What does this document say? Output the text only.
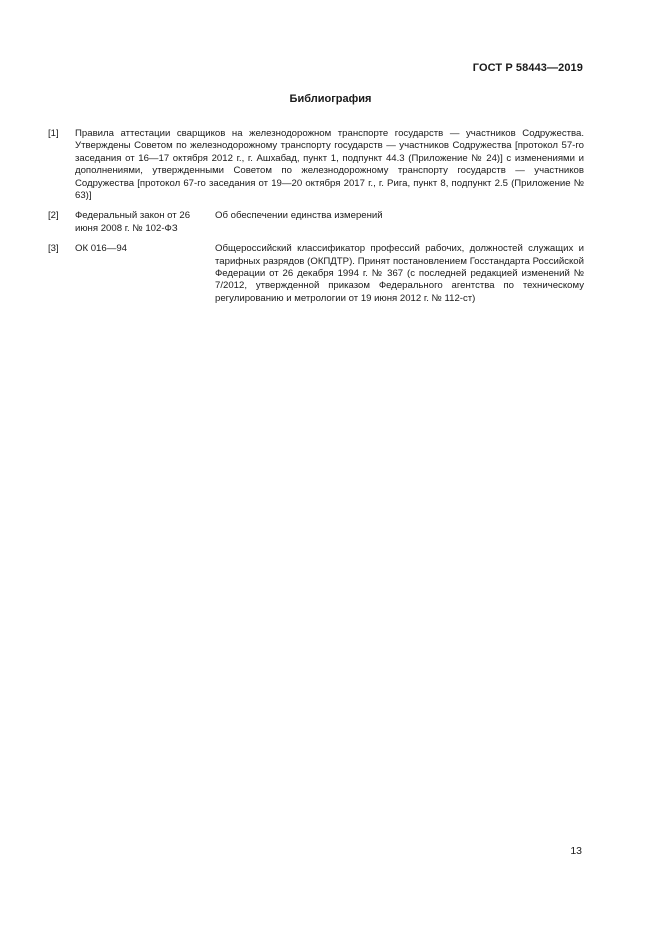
ГОСТ Р 58443—2019
Библиография
[1] Правила аттестации сварщиков на железнодорожном транспорте государств — участников Содружества. Утверждены Советом по железнодорожному транспорту государств — участников Содружества [протокол 57-го заседания от 16—17 октября 2012 г., г. Ашхабад, пункт 1, подпункт 44.3 (Приложение № 24)] с изменениями и дополнениями, утвержденными Советом по железнодорожному транспорту государств — участников Содружества [протокол 67-го заседания от 19—20 октября 2017 г., г. Рига, пункт 8, подпункт 2.5 (Приложение № 63)]
[2] Федеральный закон от 26 июня 2008 г. № 102-ФЗ
Об обеспечении единства измерений
[3] ОК 016—94	Общероссийский классификатор профессий рабочих, должностей служащих и тарифных разрядов (ОКПДТР). Принят постановлением Госстандарта Российской Федерации от 26 декабря 1994 г. № 367 (с последней редакцией изменений № 7/2012, утвержденной приказом Федерального агентства по техническому регулированию и метрологии от 19 июня 2012 г. № 112-ст)
13
